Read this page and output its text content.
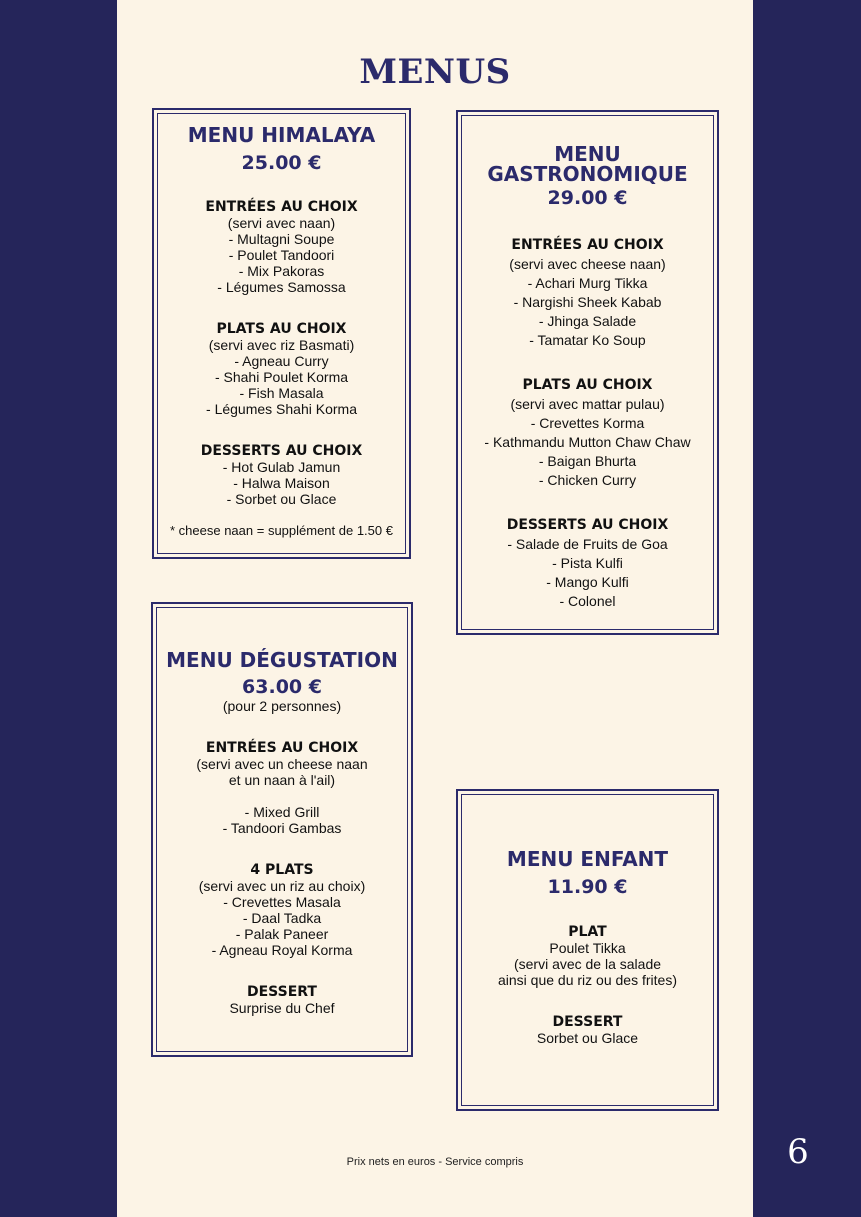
MENUS
MENU HIMALAYA
25.00 €
ENTRÉES AU CHOIX
(servi avec naan)
- Multagni Soupe
- Poulet Tandoori
- Mix Pakoras
- Légumes Samossa
PLATS AU CHOIX
(servi avec riz Basmati)
- Agneau Curry
- Shahi Poulet Korma
- Fish Masala
- Légumes Shahi Korma
DESSERTS AU CHOIX
- Hot Gulab Jamun
- Halwa Maison
- Sorbet ou Glace
* cheese naan = supplément de 1.50 €
MENU
GASTRONOMIQUE
29.00 €
ENTRÉES AU CHOIX
(servi avec cheese naan)
- Achari Murg Tikka
- Nargishi Sheek Kabab
- Jhinga Salade
- Tamatar Ko Soup
PLATS AU CHOIX
(servi avec mattar pulau)
- Crevettes Korma
- Kathmandu Mutton Chaw Chaw
- Baigan Bhurta
- Chicken Curry
DESSERTS AU CHOIX
- Salade de Fruits de Goa
- Pista Kulfi
- Mango Kulfi
- Colonel
MENU DÉGUSTATION
63.00 €
(pour 2 personnes)
ENTRÉES AU CHOIX
(servi avec un cheese naan
et un naan à l'ail)
- Mixed Grill
- Tandoori Gambas
4 PLATS
(servi avec un riz au choix)
- Crevettes Masala
- Daal Tadka
- Palak Paneer
- Agneau Royal Korma
DESSERT
Surprise du Chef
MENU ENFANT
11.90 €
PLAT
Poulet Tikka
(servi avec de la salade
ainsi que du riz ou des frites)
DESSERT
Sorbet ou Glace
Prix nets en euros - Service compris	6
